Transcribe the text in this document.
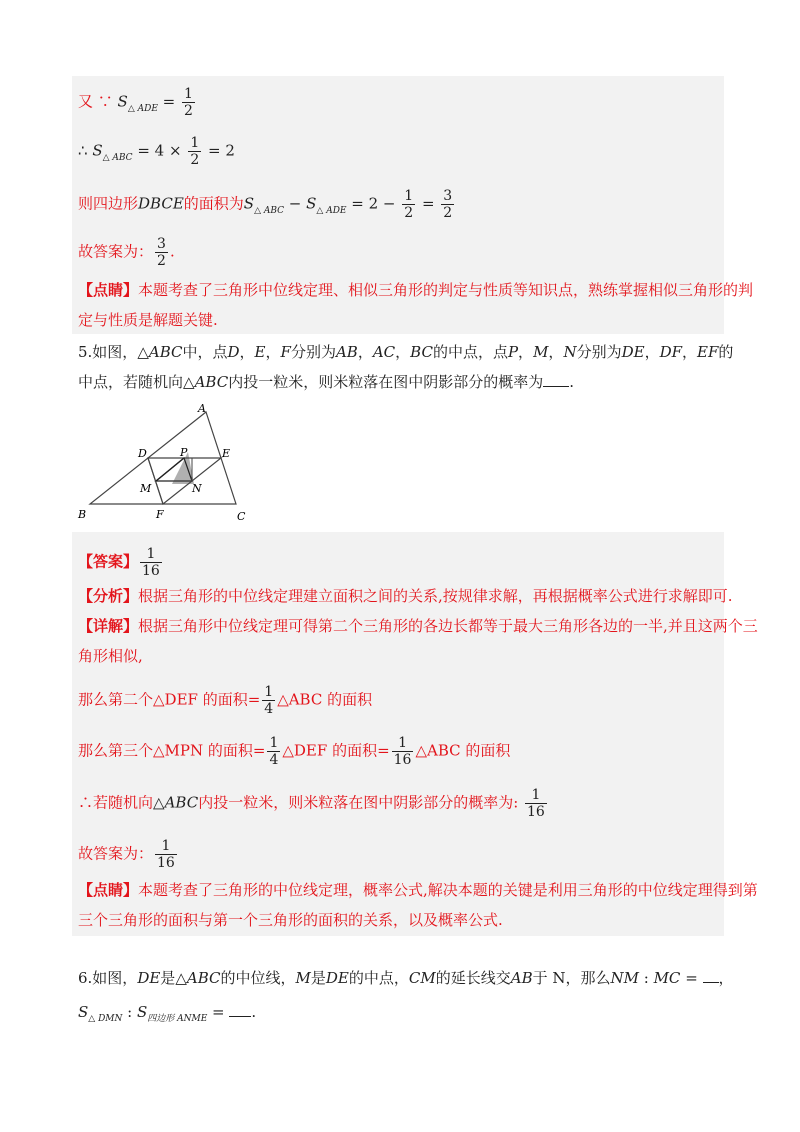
又 ∵ $S_{\triangle ADE} = \frac{1}{2}$
∴ $S_{\triangle ABC} = 4 \times \frac{1}{2} = 2$
则四边形DBCE的面积为$S_{\triangle ABC} - S_{\triangle ADE} = 2 - \frac{1}{2} = \frac{3}{2}$
故答案为： $\frac{3}{2}$ .
【点睛】本题考查了三角形中位线定理、相似三角形的判定与性质等知识点，熟练掌握相似三角形的判
定与性质是解题关键.
5.如图，△ABC中，点D，E，F分别为AB，AC，BC的中点，点P，M，N分别为DE，DF，EF的
中点，若随机向△ABC内投一粒米，则米粒落在图中阴影部分的概率为 .
A
B	C
D	E
F
P
M	N
【答案】 $\frac{1}{16}$
【分析】根据三角形的中位线定理建立面积之间的关系,按规律求解，再根据概率公式进行求解即可.
【详解】根据三角形中位线定理可得第二个三角形的各边长都等于最大三角形各边的一半,并且这两个三
角形相似,
那么第二个△DEF 的面积= $\frac{1}{4}$ △ABC 的面积
那么第三个△MPN 的面积= $\frac{1}{4}$ △DEF 的面积= $\frac{1}{16}$ △ABC 的面积
∴若随机向△ABC内投一粒米，则米粒落在图中阴影部分的概率为: $\frac{1}{16}$
故答案为： $\frac{1}{16}$
【点睛】本题考查了三角形的中位线定理，概率公式,解决本题的关键是利用三角形的中位线定理得到第
三个三角形的面积与第一个三角形的面积的关系，以及概率公式.
6.如图，DE是△ABC的中位线，M是DE的中点，CM的延长线交AB于 N，那么NM : MC = ，
$S_{\triangle DMN}$ : $S_{四边形 ANME}$ = .
